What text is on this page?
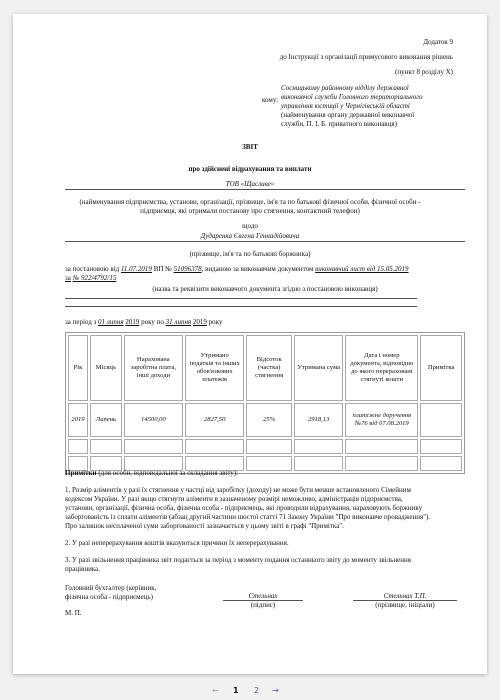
Додаток 9
до Інструкції з організації примусового виконання рішень
(пункт 8 розділу X)
кому:
Сосницькому районному відділу державної
виконавчої служби Головного територіального
управління юстиції у Чернігівській області
(найменування органу державної виконавчої
служби, П. І. Б. приватного виконавця)
ЗВІТ
про здійснені відрахування та виплати
ТОВ «Щасливе»
(найменування підприємства, установи, організації, прізвище, ім'я та по батькові фізичної особи, фізичної особи -
підприємця, які отримали постанову про стягнення, контактний телефон)
щодо
Дударенка Євгена Геннадійовича
(прізвище, ім'я та по батькові боржника)
за постановою від 11.07.2019 ВП № 51096378, виданою за виконавчим документом виконавчий лист від 15.05.2019
за № 922/4792/15
(назва та реквізити виконавчого документа згідно з постановою виконавця)
за період з 01 липня 2019 року по 31 липня 2019 року
Рік	Місяць	Нарахована заробітна плата, інші доходи	Утримано податків та інших обов'язкових платежів	Відсоток (частка) стягнення	Утримана сума	Дата і номер документа, відповідно до якого перераховані стягнуті кошти	Примітка
2019	Липень	14500,00	2827,50	25%	2918,13	платіжне доручення №76 від 07.08.2019	

Примітки (для особи, відповідальної за складання звіту):
1. Розмір аліментів у разі їх стягнення у частці від заробітку (доходу) не може бути менше встановленого Сімейним
кодексом України. У разі якщо стягнути аліменти в зазначеному розмірі неможливо, адміністрація підприємства,
установи, організації, фізична особа, фізична особа - підприємець, які проводили відрахування, нараховують боржнику
заборгованість із сплати аліментів (абзац другий частини шостої статті 71 Закону України "Про виконавче провадження").
Про залишок несплаченої суми заборгованості зазначається у цьому звіті в графі "Примітка".
2. У разі неперерахування коштів вказуються причини їх неперерахування.
3. У разі звільнення працівника звіт подається за період з моменту подання останнього звіту до моменту звільнення
працівника.
Головний бухгалтер (керівник,
фізична особа - підприємець)
М. П.
Стельнах
(підпис)
Стельнах Т.П.
(прізвище, ініціали)
← 1 2 →
